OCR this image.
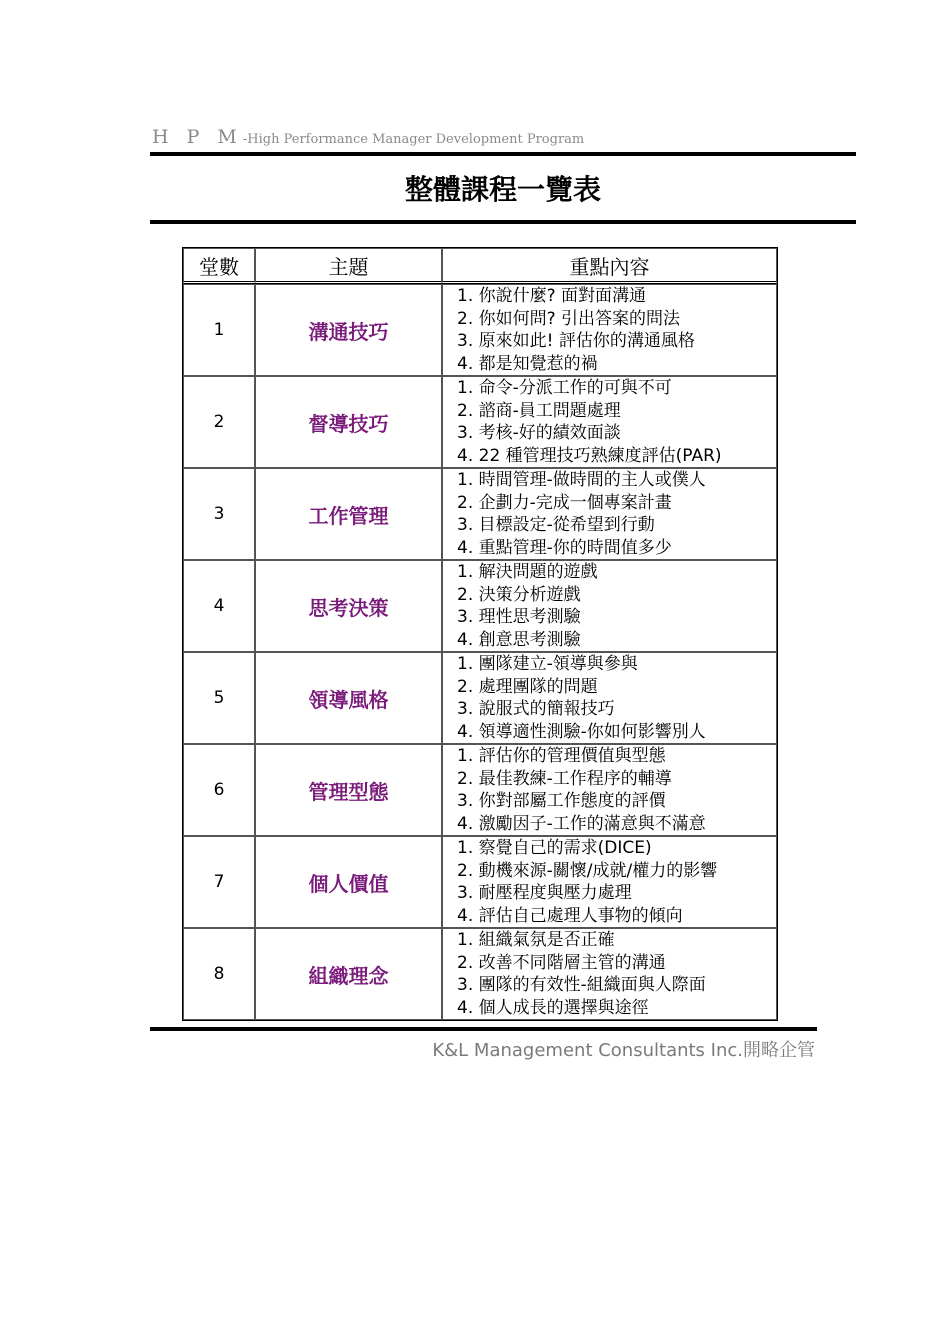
H P M-High Performance Manager Development Program
整體課程一覽表
堂數	主題	重點內容
1	溝通技巧	1. 你說什麼? 面對面溝通
2. 你如何問? 引出答案的問法
3. 原來如此! 評估你的溝通風格
4. 都是知覺惹的禍

2	督導技巧	1. 命令-分派工作的可與不可
2. 諮商-員工問題處理
3. 考核-好的績效面談
4. 22 種管理技巧熟練度評估(PAR)

3	工作管理	1. 時間管理-做時間的主人或僕人
2. 企劃力-完成一個專案計畫
3. 目標設定-從希望到行動
4. 重點管理-你的時間值多少

4	思考決策	1. 解決問題的遊戲
2. 決策分析遊戲
3. 理性思考測驗
4. 創意思考測驗

5	領導風格	1. 團隊建立-領導與參與
2. 處理團隊的問題
3. 說服式的簡報技巧
4. 領導適性測驗-你如何影響別人

6	管理型態	1. 評估你的管理價值與型態
2. 最佳教練-工作程序的輔導
3. 你對部屬工作態度的評價
4. 激勵因子-工作的滿意與不滿意

7	個人價值	1. 察覺自己的需求(DICE)
2. 動機來源-關懷/成就/權力的影響
3. 耐壓程度與壓力處理
4. 評估自己處理人事物的傾向

8	組織理念	1. 組織氣氛是否正確
2. 改善不同階層主管的溝通
3. 團隊的有效性-組織面與人際面
4. 個人成長的選擇與途徑
K&L Management Consultants Inc.開略企管
